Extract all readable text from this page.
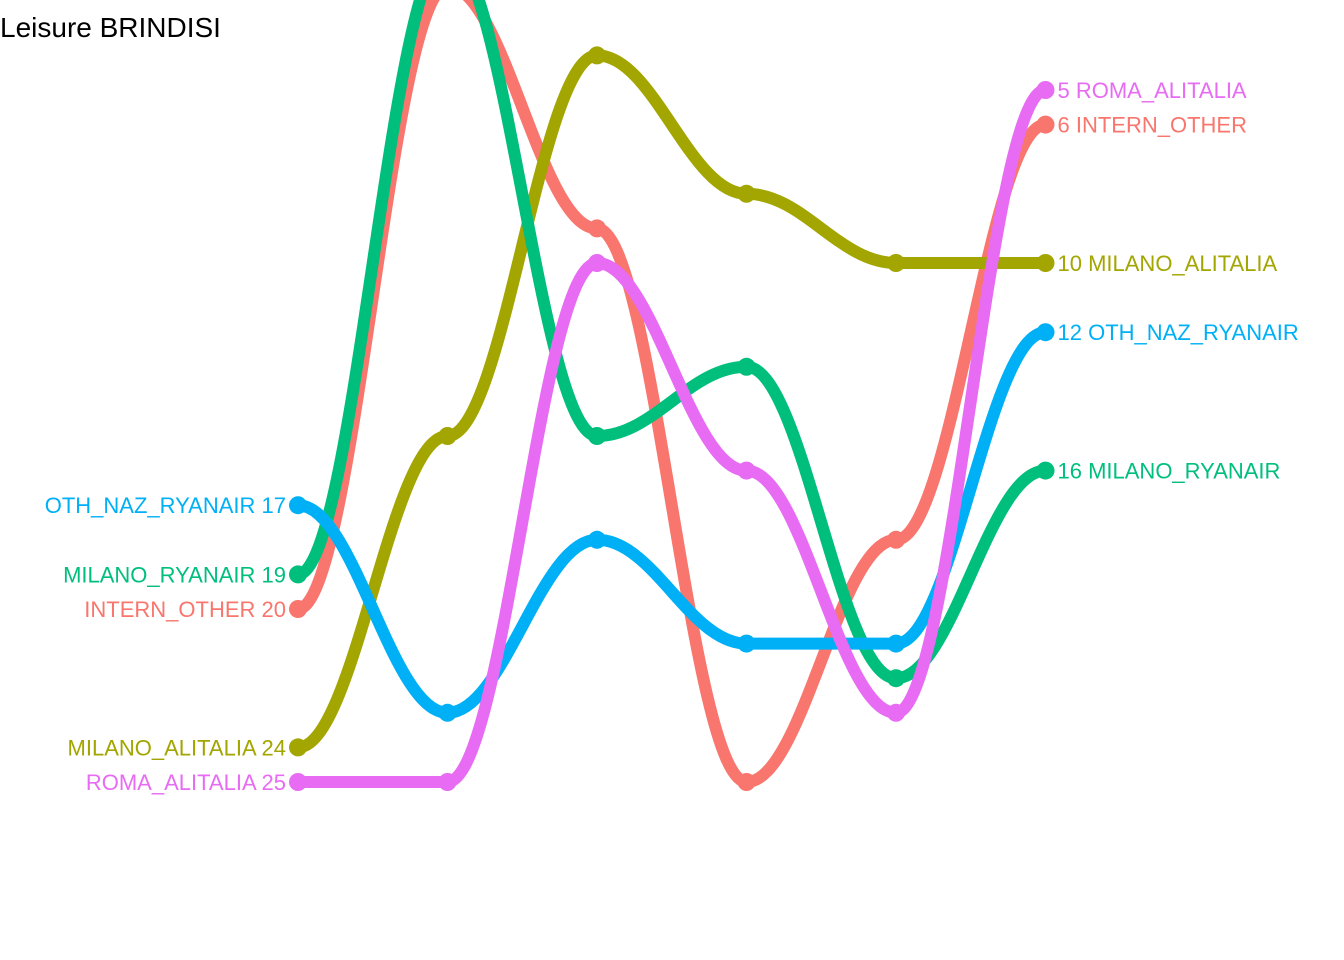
Leisure BRINDISI
INTERN_OTHER 20
6 INTERN_OTHER
MILANO_ALITALIA 24
10 MILANO_ALITALIA
MILANO_RYANAIR 19
16 MILANO_RYANAIR
OTH_NAZ_RYANAIR 17
12 OTH_NAZ_RYANAIR
ROMA_ALITALIA 25
5 ROMA_ALITALIA
